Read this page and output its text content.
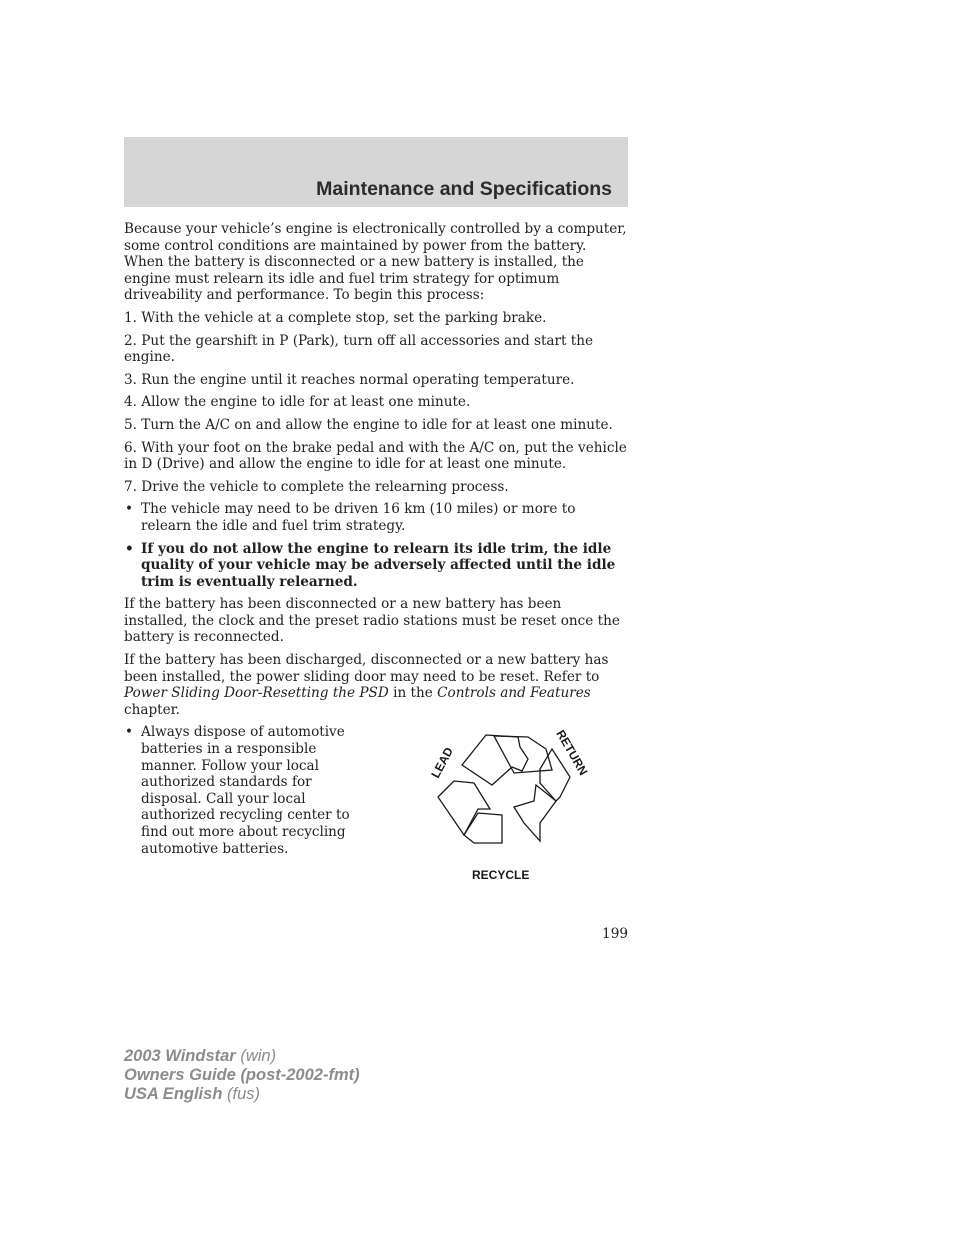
Maintenance and Specifications

Because your vehicle’s engine is electronically controlled by a computer, some control conditions are maintained by power from the battery. When the battery is disconnected or a new battery is installed, the engine must relearn its idle and fuel trim strategy for optimum driveability and performance. To begin this process:

1. With the vehicle at a complete stop, set the parking brake.

2. Put the gearshift in P (Park), turn off all accessories and start the engine.

3. Run the engine until it reaches normal operating temperature.

4. Allow the engine to idle for at least one minute.

5. Turn the A/C on and allow the engine to idle for at least one minute.

6. With your foot on the brake pedal and with the A/C on, put the vehicle in D (Drive) and allow the engine to idle for at least one minute.

7. Drive the vehicle to complete the relearning process.

• The vehicle may need to be driven 16 km (10 miles) or more to relearn the idle and fuel trim strategy.
• If you do not allow the engine to relearn its idle trim, the idle quality of your vehicle may be adversely affected until the idle trim is eventually relearned.

If the battery has been disconnected or a new battery has been installed, the clock and the preset radio stations must be reset once the battery is reconnected.

If the battery has been discharged, disconnected or a new battery has been installed, the power sliding door may need to be reset. Refer to Power Sliding Door-Resetting the PSD in the Controls and Features chapter.

• Always dispose of automotive batteries in a responsible manner. Follow your local authorized standards for disposal. Call your local authorized recycling center to find out more about recycling automotive batteries.
LEAD	RETURN
RECYCLE
199
2003 Windstar (win)
Owners Guide (post-2002-fmt)
USA English (fus)
